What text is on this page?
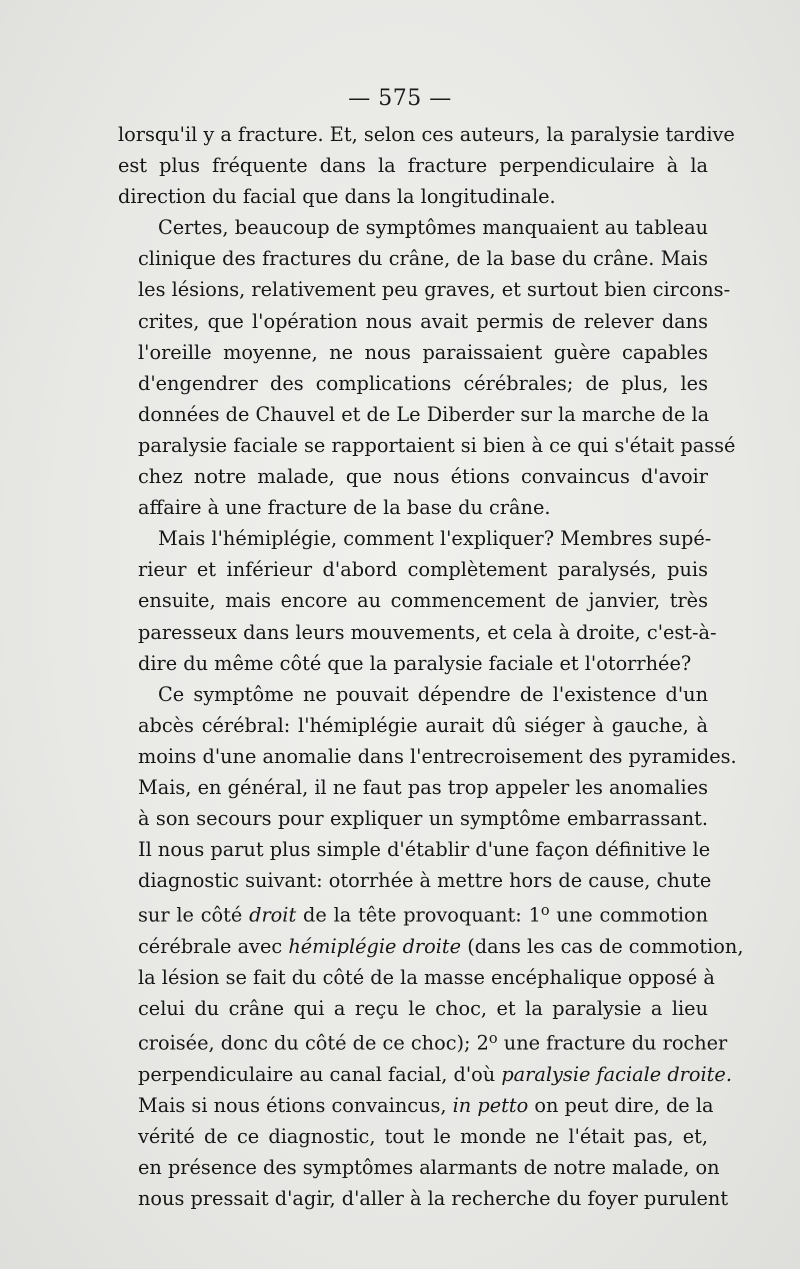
— 575 —
lorsqu'il y a fracture. Et, selon ces auteurs, la paralysie tardive
est plus fréquente dans la fracture perpendiculaire à la
direction du facial que dans la longitudinale.
Certes, beaucoup de symptômes manquaient au tableau
clinique des fractures du crâne, de la base du crâne. Mais
les lésions, relativement peu graves, et surtout bien circons-
crites, que l'opération nous avait permis de relever dans
l'oreille moyenne, ne nous paraissaient guère capables
d'engendrer des complications cérébrales; de plus, les
données de Chauvel et de Le Diberder sur la marche de la
paralysie faciale se rapportaient si bien à ce qui s'était passé
chez notre malade, que nous étions convaincus d'avoir
affaire à une fracture de la base du crâne.
Mais l'hémiplégie, comment l'expliquer? Membres supé-
rieur et inférieur d'abord complètement paralysés, puis
ensuite, mais encore au commencement de janvier, très
paresseux dans leurs mouvements, et cela à droite, c'est-à-
dire du même côté que la paralysie faciale et l'otorrhée?
Ce symptôme ne pouvait dépendre de l'existence d'un
abcès cérébral: l'hémiplégie aurait dû siéger à gauche, à
moins d'une anomalie dans l'entrecroisement des pyramides.
Mais, en général, il ne faut pas trop appeler les anomalies
à son secours pour expliquer un symptôme embarrassant.
Il nous parut plus simple d'établir d'une façon définitive le
diagnostic suivant: otorrhée à mettre hors de cause, chute
sur le côté droit de la tête provoquant: 1$^o$ une commotion
cérébrale avec hémiplégie droite (dans les cas de commotion,
la lésion se fait du côté de la masse encéphalique opposé à
celui du crâne qui a reçu le choc, et la paralysie a lieu
croisée, donc du côté de ce choc); 2$^o$ une fracture du rocher
perpendiculaire au canal facial, d'où paralysie faciale droite.
Mais si nous étions convaincus, in petto on peut dire, de la
vérité de ce diagnostic, tout le monde ne l'était pas, et,
en présence des symptômes alarmants de notre malade, on
nous pressait d'agir, d'aller à la recherche du foyer purulent
